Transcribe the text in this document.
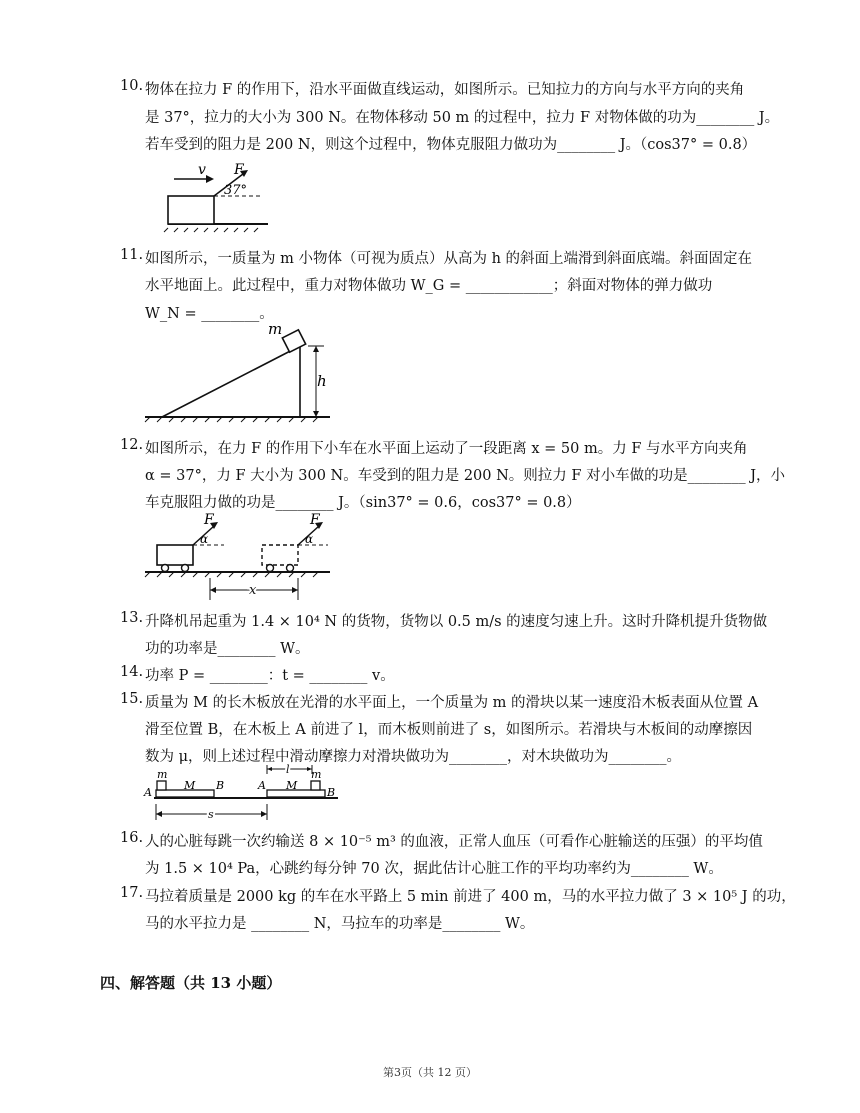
10. 物体在拉力 F 的作用下，沿水平面做直线运动，如图所示。已知拉力的方向与水平方向的夹角
是 37°，拉力的大小为 300 N。在物体移动 50 m 的过程中，拉力 F 对物体做的功为________ J。
若车受到的阻力是 200 N，则这个过程中，物体克服阻力做功为________ J。（cos37° = 0.8）
v F
37°
11. 如图所示，一质量为 m 小物体（可视为质点）从高为 h 的斜面上端滑到斜面底端。斜面固定在
水平地面上。此过程中，重力对物体做功 W_G = ____________；斜面对物体的弹力做功
W_N = ________。
m
h
12. 如图所示，在力 F 的作用下小车在水平面上运动了一段距离 x = 50 m。力 F 与水平方向夹角
α = 37°，力 F 大小为 300 N。车受到的阻力是 200 N。则拉力 F 对小车做的功是________ J，小
车克服阻力做的功是________ J。（sin37° = 0.6，cos37° = 0.8）
F
α
F
α
x
13. 升降机吊起重为 1.4 × 10⁴ N 的货物，货物以 0.5 m/s 的速度匀速上升。这时升降机提升货物做
功的功率是________ W。
14. 功率 P = ________：t = ________ v。
15. 质量为 M 的长木板放在光滑的水平面上，一个质量为 m 的滑块以某一速度沿木板表面从位置 A
滑至位置 B，在木板上 A 前进了 l，而木板则前进了 s，如图所示。若滑块与木板间的动摩擦因
数为 μ，则上述过程中滑动摩擦力对滑块做功为________，对木块做功为________。
m
M
A
B
m
M
A
B
l
s
16. 人的心脏每跳一次约输送 8 × 10⁻⁵ m³ 的血液，正常人血压（可看作心脏输送的压强）的平均值
为 1.5 × 10⁴ Pa，心跳约每分钟 70 次，据此估计心脏工作的平均功率约为________ W。
17. 马拉着质量是 2000 kg 的车在水平路上 5 min 前进了 400 m，马的水平拉力做了 3 × 10⁵ J 的功，
马的水平拉力是 ________ N，马拉车的功率是________ W。
四、解答题（共 13 小题）
第3页（共 12 页）
